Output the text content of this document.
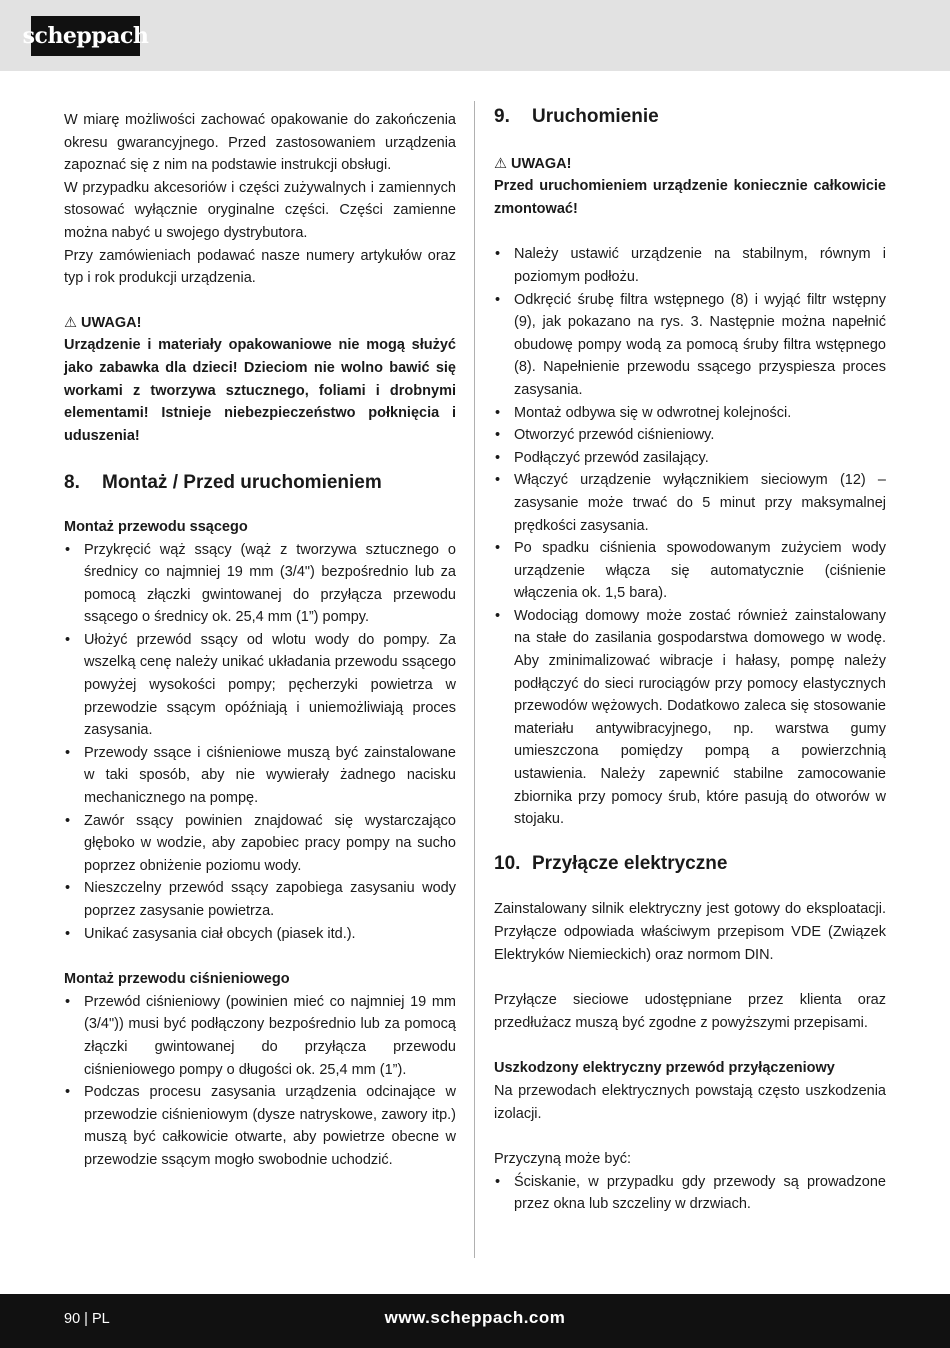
scheppach

W miarę możliwości zachować opakowanie do zakończenia okresu gwarancyjnego. Przed zastosowaniem urządzenia zapoznać się z nim na podstawie instrukcji obsługi.

W przypadku akcesoriów i części zużywalnych i zamiennych stosować wyłącznie oryginalne części. Części zamienne można nabyć u swojego dystrybutora.

Przy zamówieniach podawać nasze numery artykułów oraz typ i rok produkcji urządzenia.

⚠ UWAGA!

Urządzenie i materiały opakowaniowe nie mogą służyć jako zabawka dla dzieci! Dzieciom nie wolno bawić się workami z tworzywa sztucznego, foliami i drobnymi elementami! Istnieje niebezpieczeństwo połknięcia i uduszenia!

8.	Montaż / Przed uruchomieniem

Montaż przewodu ssącego

• Przykręcić wąż ssący (wąż z tworzywa sztucznego o średnicy co najmniej 19 mm (3/4") bezpośrednio lub za pomocą złączki gwintowanej do przyłącza przewodu ssącego o średnicy ok. 25,4 mm (1”) pompy.
• Ułożyć przewód ssący od wlotu wody do pompy. Za wszelką cenę należy unikać układania przewodu ssącego powyżej wysokości pompy; pęcherzyki powietrza w przewodzie ssącym opóźniają i uniemożliwiają proces zasysania.
• Przewody ssące i ciśnieniowe muszą być zainstalowane w taki sposób, aby nie wywierały żadnego nacisku mechanicznego na pompę.
• Zawór ssący powinien znajdować się wystarczająco głęboko w wodzie, aby zapobiec pracy pompy na sucho poprzez obniżenie poziomu wody.
• Nieszczelny przewód ssący zapobiega zasysaniu wody poprzez zasysanie powietrza.
• Unikać zasysania ciał obcych (piasek itd.).

Montaż przewodu ciśnieniowego

• Przewód ciśnieniowy (powinien mieć co najmniej 19 mm (3/4")) musi być podłączony bezpośrednio lub za pomocą złączki gwintowanej do przyłącza przewodu ciśnieniowego pompy o długości ok. 25,4 mm (1”).
• Podczas procesu zasysania urządzenia odcinające w przewodzie ciśnieniowym (dysze natryskowe, zawory itp.) muszą być całkowicie otwarte, aby powietrze obecne w przewodzie ssącym mogło swobodnie uchodzić.
9.	Uruchomienie

⚠ UWAGA!

Przed uruchomieniem urządzenie koniecznie całkowicie zmontować!

• Należy ustawić urządzenie na stabilnym, równym i poziomym podłożu.
• Odkręcić śrubę filtra wstępnego (8) i wyjąć filtr wstępny (9), jak pokazano na rys. 3. Następnie można napełnić obudowę pompy wodą za pomocą śruby filtra wstępnego (8). Napełnienie przewodu ssącego przyspiesza proces zasysania.
• Montaż odbywa się w odwrotnej kolejności.
• Otworzyć przewód ciśnieniowy.
• Podłączyć przewód zasilający.
• Włączyć urządzenie wyłącznikiem sieciowym (12) – zasysanie może trwać do 5 minut przy maksymalnej prędkości zasysania.
• Po spadku ciśnienia spowodowanym zużyciem wody urządzenie włącza się automatycznie (ciśnienie włączenia ok. 1,5 bara).
• Wodociąg domowy może zostać również zainstalowany na stałe do zasilania gospodarstwa domowego w wodę. Aby zminimalizować wibracje i hałasy, pompę należy podłączyć do sieci rurociągów przy pomocy elastycznych przewodów wężowych. Dodatkowo zaleca się stosowanie materiału antywibracyjnego, np. warstwa gumy umieszczona pomiędzy pompą a powierzchnią ustawienia. Należy zapewnić stabilne zamocowanie zbiornika przy pomocy śrub, które pasują do otworów w stojaku.
10. Przyłącze elektryczne

Zainstalowany silnik elektryczny jest gotowy do eksploatacji. Przyłącze odpowiada właściwym przepisom VDE (Związek Elektryków Niemieckich) oraz normom DIN.

Przyłącze sieciowe udostępniane przez klienta oraz przedłużacz muszą być zgodne z powyższymi przepisami.

Uszkodzony elektryczny przewód przyłączeniowy

Na przewodach elektrycznych powstają często uszkodzenia izolacji.

Przyczyną może być:

• Ściskanie, w przypadku gdy przewody są prowadzone przez okna lub szczeliny w drzwiach.
90 | PL	www.scheppach.com
